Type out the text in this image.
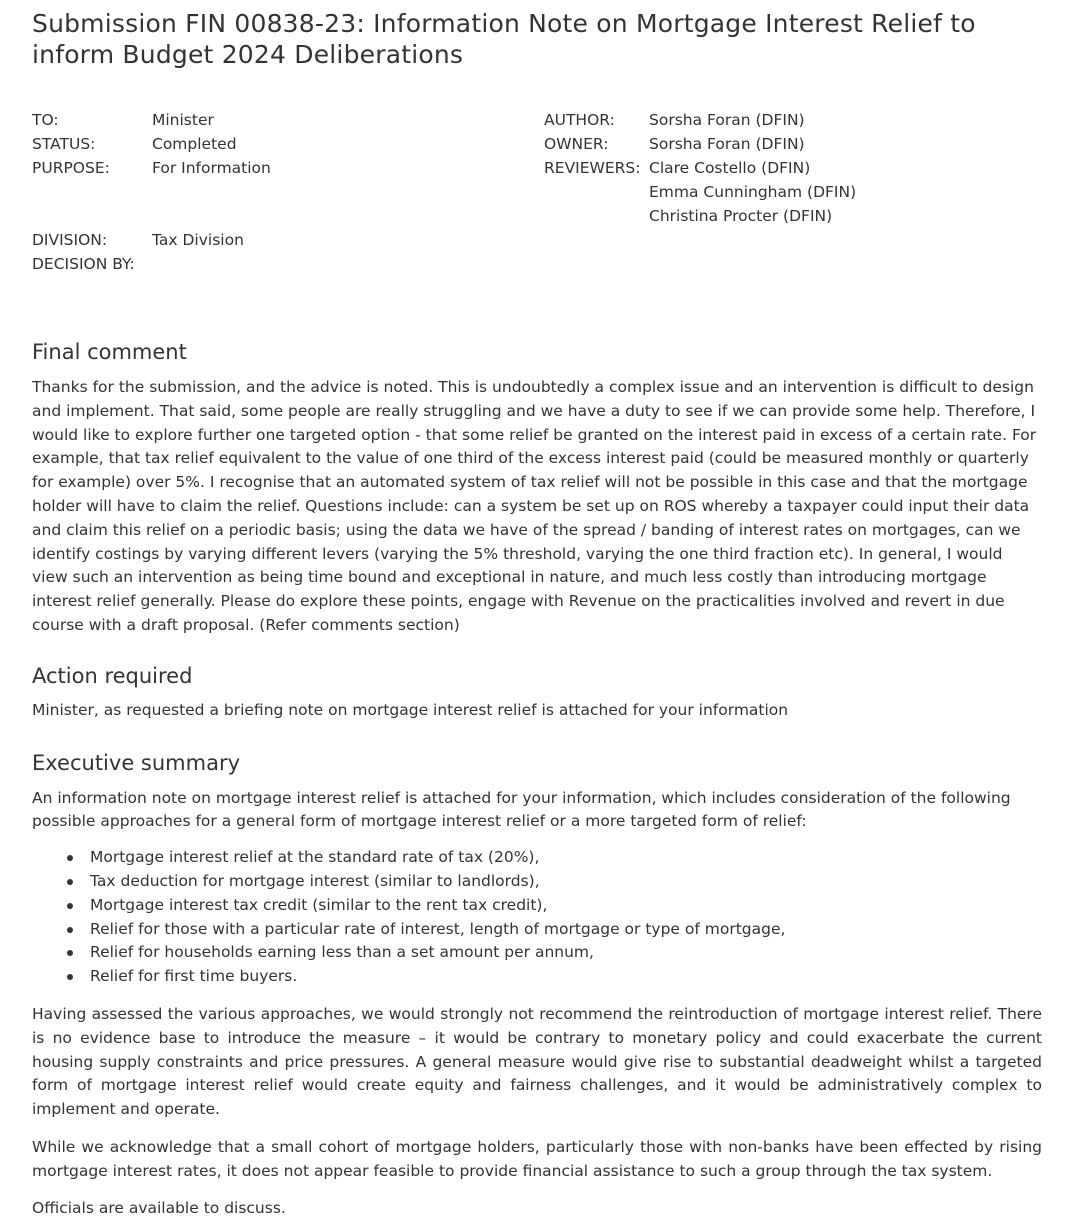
Submission FIN 00838-23: Information Note on Mortgage Interest Relief to inform Budget 2024 Deliberations
TO:	Minister
STATUS:	Completed
PURPOSE:	For Information
DIVISION:	Tax Division
DECISION BY:
AUTHOR: Sorsha Foran (DFIN)
OWNER:	Sorsha Foran (DFIN)
REVIEWERS: Clare Costello (DFIN)
Emma Cunningham (DFIN)
Christina Procter (DFIN)
Final comment

Thanks for the submission, and the advice is noted. This is undoubtedly a complex issue and an intervention is difficult to design and implement. That said, some people are really struggling and we have a duty to see if we can provide some help. Therefore, I would like to explore further one targeted option - that some relief be granted on the interest paid in excess of a certain rate. For example, that tax relief equivalent to the value of one third of the excess interest paid (could be measured monthly or quarterly for example) over 5%. I recognise that an automated system of tax relief will not be possible in this case and that the mortgage holder will have to claim the relief. Questions include: can a system be set up on ROS whereby a taxpayer could input their data and claim this relief on a periodic basis; using the data we have of the spread / banding of interest rates on mortgages, can we identify costings by varying different levers (varying the 5% threshold, varying the one third fraction etc). In general, I would view such an intervention as being time bound and exceptional in nature, and much less costly than introducing mortgage interest relief generally. Please do explore these points, engage with Revenue on the practicalities involved and revert in due course with a draft proposal. (Refer comments section)

Action required

Minister, as requested a briefing note on mortgage interest relief is attached for your information

Executive summary

An information note on mortgage interest relief is attached for your information, which includes consideration of the following possible approaches for a general form of mortgage interest relief or a more targeted form of relief:

Mortgage interest relief at the standard rate of tax (20%),
Tax deduction for mortgage interest (similar to landlords),
Mortgage interest tax credit (similar to the rent tax credit),
Relief for those with a particular rate of interest, length of mortgage or type of mortgage,
Relief for households earning less than a set amount per annum,
Relief for first time buyers.

Having assessed the various approaches, we would strongly not recommend the reintroduction of mortgage interest relief. There is no evidence base to introduce the measure – it would be contrary to monetary policy and could exacerbate the current housing supply constraints and price pressures. A general measure would give rise to substantial deadweight whilst a targeted form of mortgage interest relief would create equity and fairness challenges, and it would be administratively complex to implement and operate.

While we acknowledge that a small cohort of mortgage holders, particularly those with non-banks have been effected by rising mortgage interest rates, it does not appear feasible to provide financial assistance to such a group through the tax system.

Officials are available to discuss.
